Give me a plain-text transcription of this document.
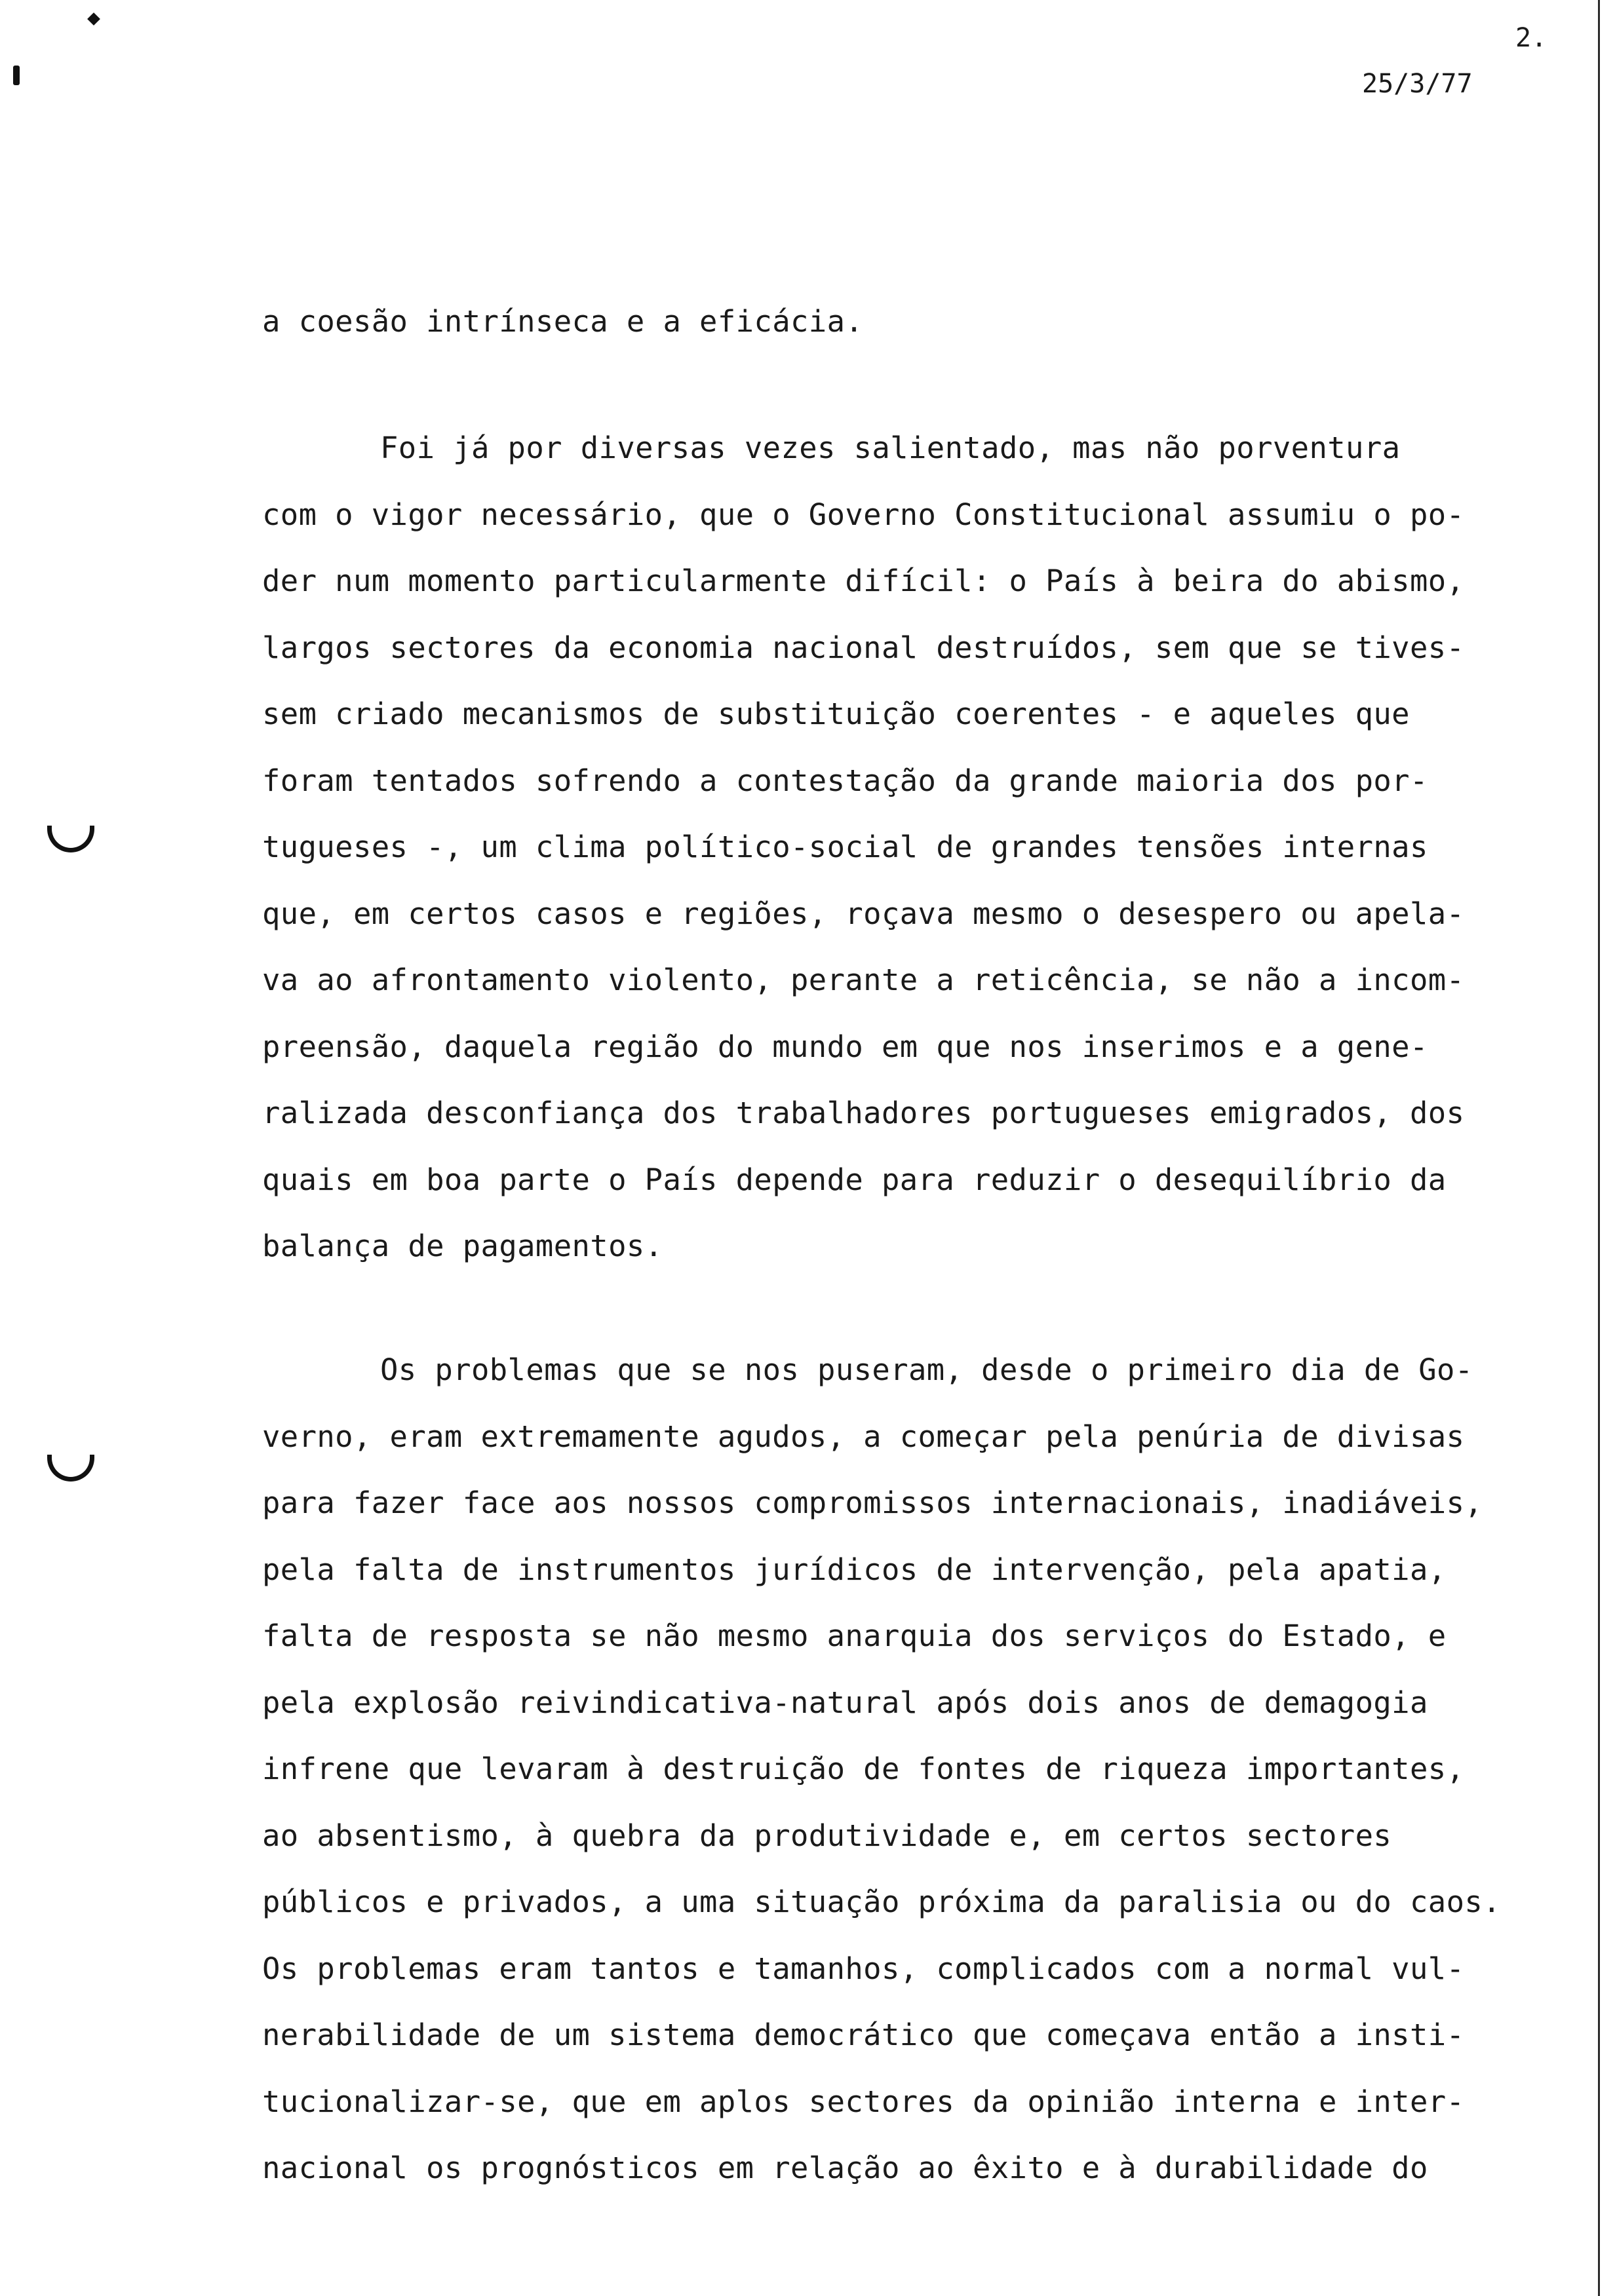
2.
25/3/77

a coesão intrínseca e a eficácia.

Foi já por diversas vezes salientado, mas não porventura
com o vigor necessário, que o Governo Constitucional assumiu o po-
der num momento particularmente difícil: o País à beira do abismo,
largos sectores da economia nacional destruídos, sem que se tives-
sem criado mecanismos de substituição coerentes - e aqueles que
foram tentados sofrendo a contestação da grande maioria dos por-
tugueses -, um clima político-social de grandes tensões internas
que, em certos casos e regiões, roçava mesmo o desespero ou apela-
va ao afrontamento violento, perante a reticência, se não a incom-
preensão, daquela região do mundo em que nos inserimos e a gene-
ralizada desconfiança dos trabalhadores portugueses emigrados, dos
quais em boa parte o País depende para reduzir o desequilíbrio da
balança de pagamentos.

Os problemas que se nos puseram, desde o primeiro dia de Go-
verno, eram extremamente agudos, a começar pela penúria de divisas
para fazer face aos nossos compromissos internacionais, inadiáveis,
pela falta de instrumentos jurídicos de intervenção, pela apatia,
falta de resposta se não mesmo anarquia dos serviços do Estado, e
pela explosão reivindicativa-natural após dois anos de demagogia
infrene que levaram à destruição de fontes de riqueza importantes,
ao absentismo, à quebra da produtividade e, em certos sectores
públicos e privados, a uma situação próxima da paralisia ou do caos.
Os problemas eram tantos e tamanhos, complicados com a normal vul-
nerabilidade de um sistema democrático que começava então a insti-
tucionalizar-se, que em aplos sectores da opinião interna e inter-
nacional os prognósticos em relação ao êxito e à durabilidade do
